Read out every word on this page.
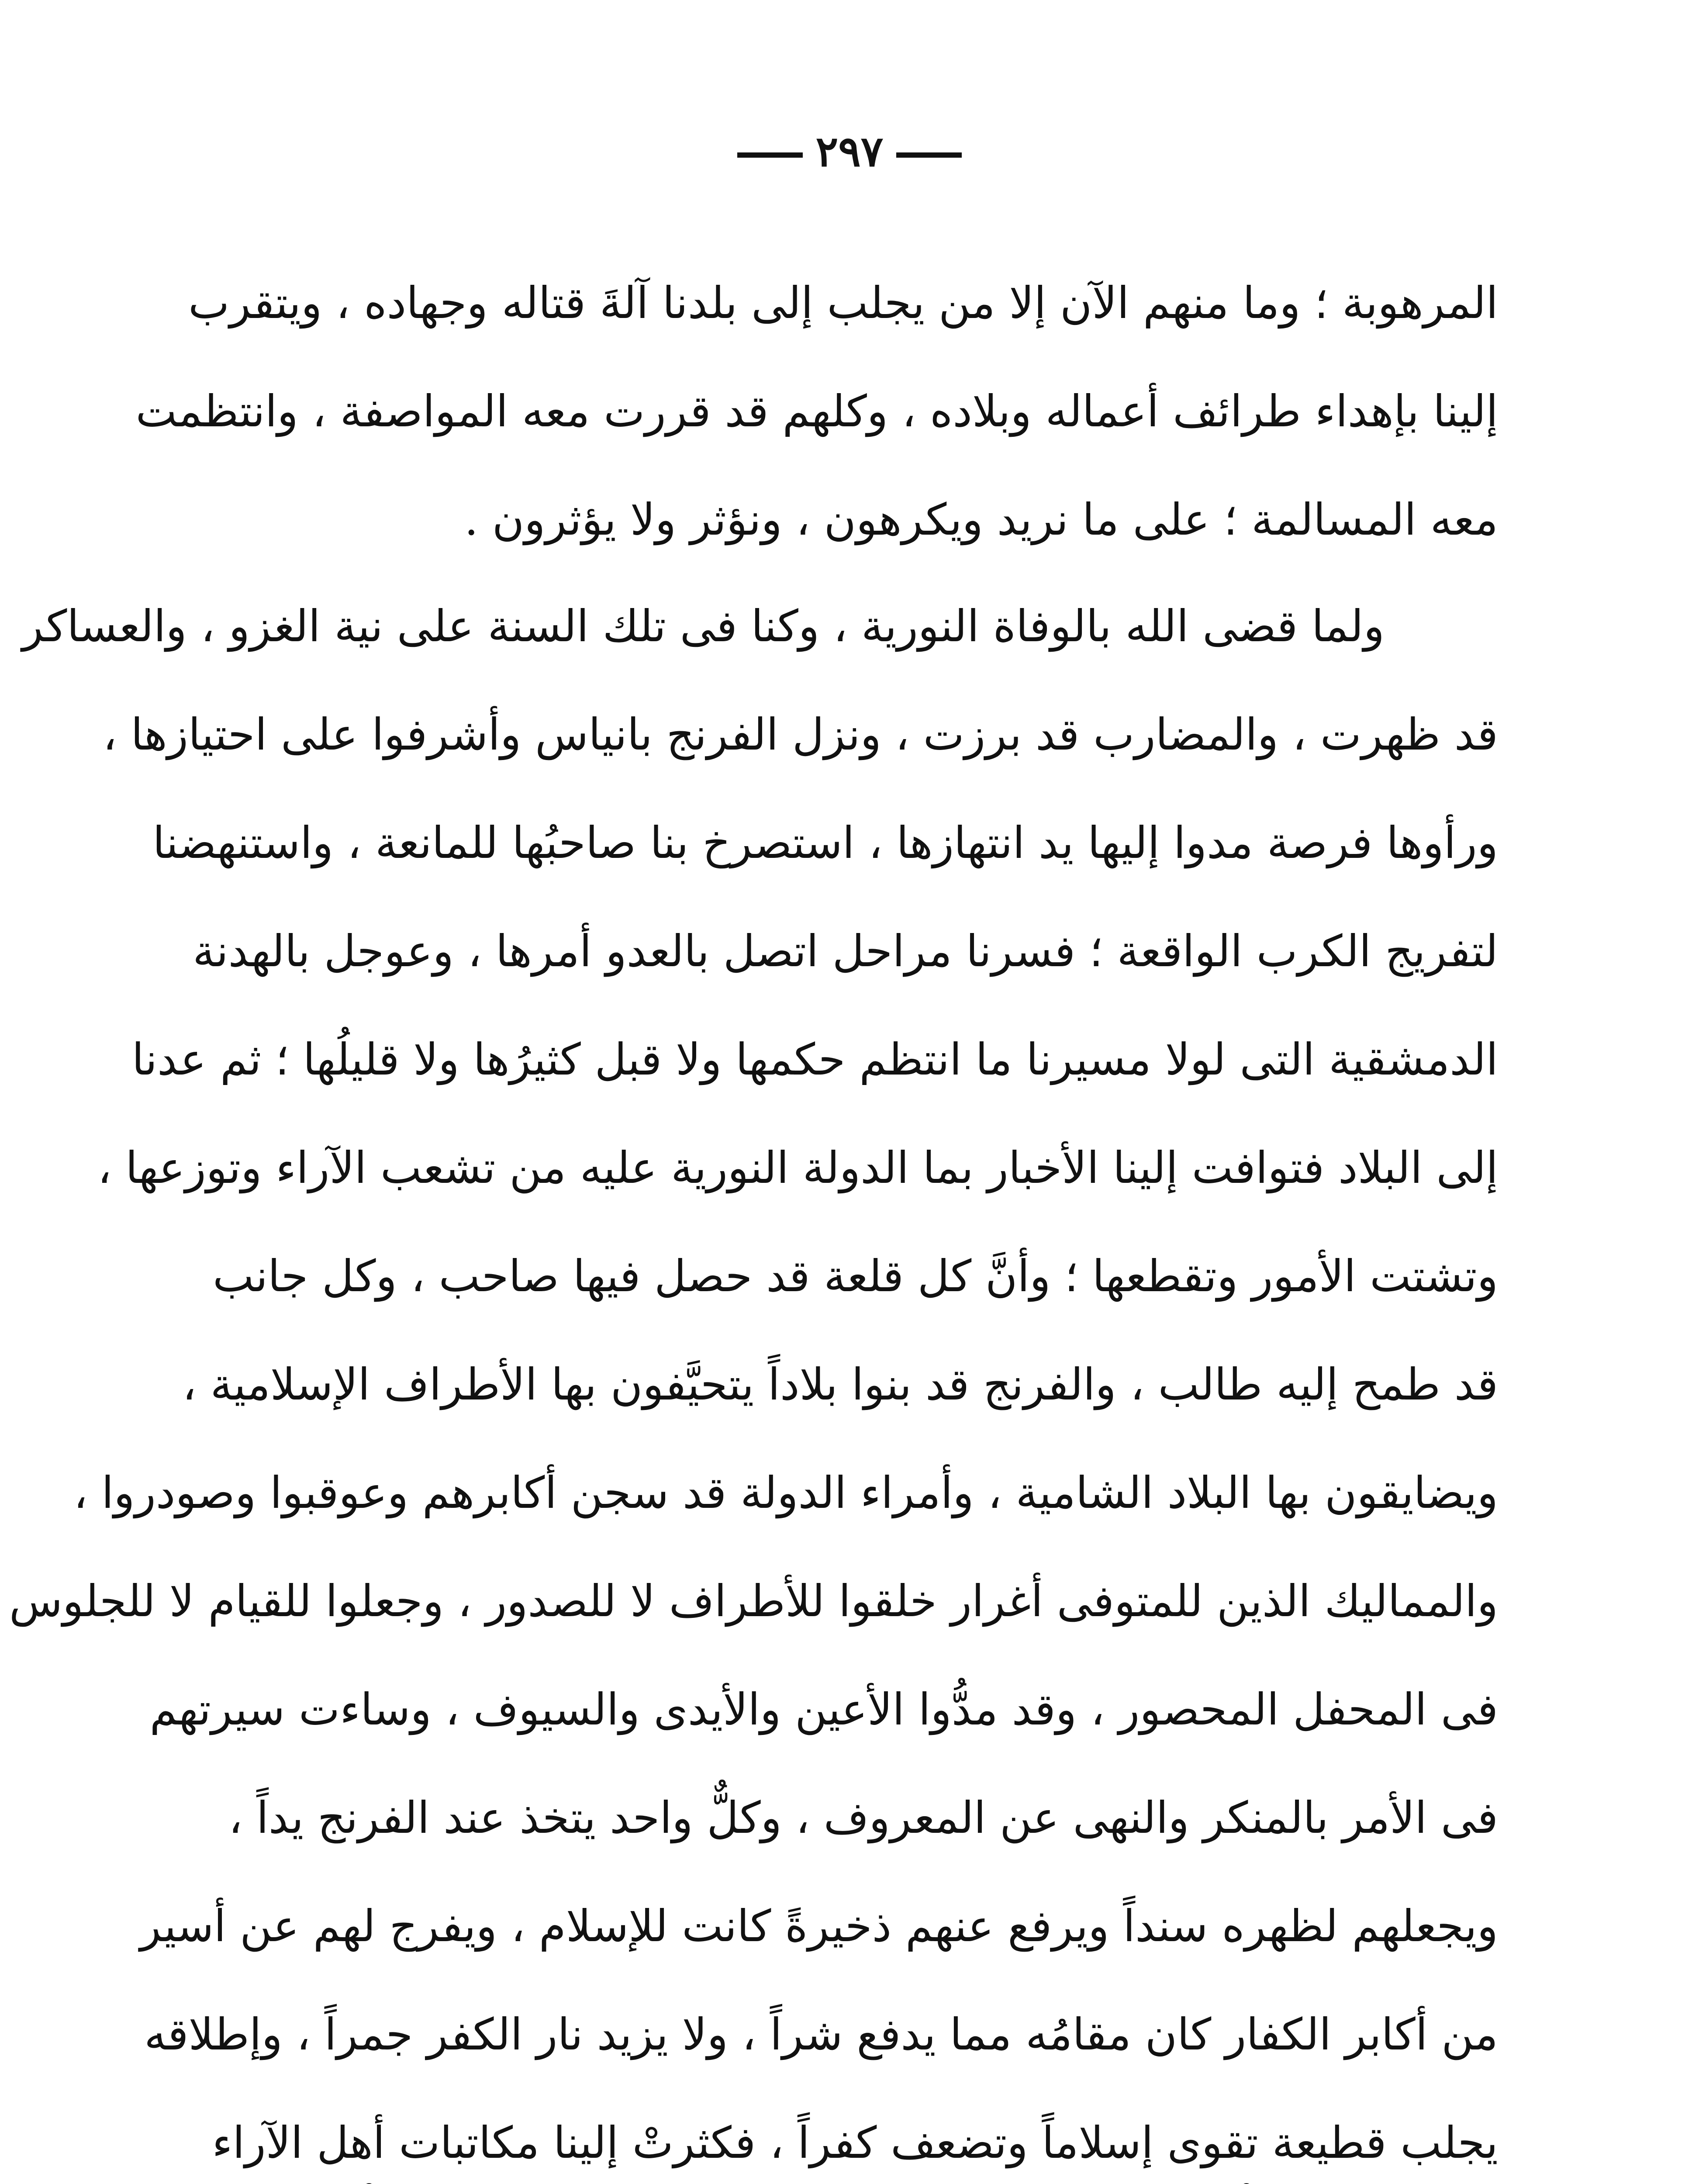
٢٩٧
المرهوبة ؛ وما منهم الآن إلا من يجلب إلى بلدنا آلةَ قتاله وجهاده ، ويتقرب
إلينا بإهداء طرائف أعماله وبلاده ، وكلهم قد قررت معه المواصفة ، وانتظمت
معه المسالمة ؛ على ما نريد ويكرهون ، ونؤثر ولا يؤثرون .
ولما قضى الله بالوفاة النورية ، وكنا فى تلك السنة على نية الغزو ، والعساكر
قد ظهرت ، والمضارب قد برزت ، ونزل الفرنج بانياس وأشرفوا على احتيازها ،
ورأوها فرصة مدوا إليها يد انتهازها ، استصرخ بنا صاحبُها للمانعة ، واستنهضنا
لتفريج الكرب الواقعة ؛ فسرنا مراحل اتصل بالعدو أمرها ، وعوجل بالهدنة
الدمشقية التى لولا مسيرنا ما انتظم حكمها ولا قبل كثيرُها ولا قليلُها ؛ ثم عدنا
إلى البلاد فتوافت إلينا الأخبار بما الدولة النورية عليه من تشعب الآراء وتوزعها ،
وتشتت الأمور وتقطعها ؛ وأنَّ كل قلعة قد حصل فيها صاحب ، وكل جانب
قد طمح إليه طالب ، والفرنج قد بنوا بلاداً يتحيَّفون بها الأطراف الإسلامية ،
ويضايقون بها البلاد الشامية ، وأمراء الدولة قد سجن أكابرهم وعوقبوا وصودروا ،
والمماليك الذين للمتوفى أغرار خلقوا للأطراف لا للصدور ، وجعلوا للقيام لا للجلوس
فى المحفل المحصور ، وقد مدُّوا الأعين والأيدى والسيوف ، وساءت سيرتهم
فى الأمر بالمنكر والنهى عن المعروف ، وكلٌّ واحد يتخذ عند الفرنج يداً ،
ويجعلهم لظهره سنداً ويرفع عنهم ذخيرةً كانت للإسلام ، ويفرج لهم عن أسير
من أكابر الكفار كان مقامُه مما يدفع شراً ، ولا يزيد نار الكفر جمراً ، وإطلاقه
يجلب قطيعة تقوى إسلاماً وتضعف كفراً ، فكثرتْ إلينا مكاتبات أهل الآراء
